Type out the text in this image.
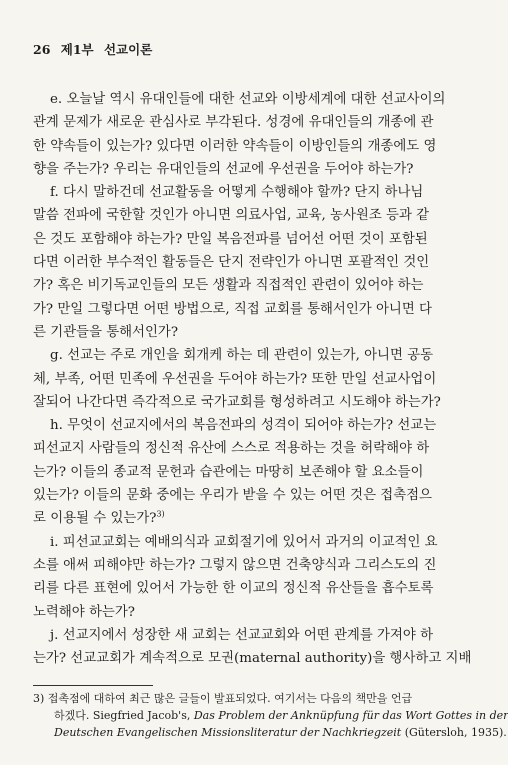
26 제1부 선교이론
e. 오늘날 역시 유대인들에 대한 선교와 이방세계에 대한 선교사이의
관계 문제가 새로운 관심사로 부각된다. 성경에 유대인들의 개종에 관
한 약속들이 있는가? 있다면 이러한 약속들이 이방인들의 개종에도 영
향을 주는가? 우리는 유대인들의 선교에 우선권을 두어야 하는가?
f. 다시 말하건데 선교활동을 어떻게 수행해야 할까? 단지 하나님
말씀 전파에 국한할 것인가 아니면 의료사업, 교육, 농사원조 등과 같
은 것도 포함해야 하는가? 만일 복음전파를 넘어선 어떤 것이 포함된
다면 이러한 부수적인 활동들은 단지 전략인가 아니면 포괄적인 것인
가? 혹은 비기독교인들의 모든 생활과 직접적인 관련이 있어야 하는
가? 만일 그렇다면 어떤 방법으로, 직접 교회를 통해서인가 아니면 다
른 기관들을 통해서인가?
g. 선교는 주로 개인을 회개케 하는 데 관련이 있는가, 아니면 공동
체, 부족, 어떤 민족에 우선권을 두어야 하는가? 또한 만일 선교사업이
잘되어 나간다면 즉각적으로 국가교회를 형성하려고 시도해야 하는가?
h. 무엇이 선교지에서의 복음전파의 성격이 되어야 하는가? 선교는
피선교지 사람들의 정신적 유산에 스스로 적용하는 것을 허락해야 하
는가? 이들의 종교적 문헌과 습관에는 마땅히 보존해야 할 요소들이
있는가? 이들의 문화 중에는 우리가 받을 수 있는 어떤 것은 접촉점으
로 이용될 수 있는가?$^{3)}$
i. 피선교교회는 예배의식과 교회절기에 있어서 과거의 이교적인 요
소를 애써 피해야만 하는가? 그렇지 않으면 건축양식과 그리스도의 진
리를 다른 표현에 있어서 가능한 한 이교의 정신적 유산들을 흡수토록
노력해야 하는가?
j. 선교지에서 성장한 새 교회는 선교교회와 어떤 관계를 가져야 하
는가? 선교교회가 계속적으로 모권(maternal authority)을 행사하고 지배
3) 접촉점에 대하여 최근 많은 글들이 발표되었다. 여기서는 다음의 책만을 언급
하겠다. Siegfried Jacob's, Das Problem der Anknüpfung für das Wort Gottes in der
Deutschen Evangelischen Missionsliteratur der Nachkriegzeit (Gütersloh, 1935).
